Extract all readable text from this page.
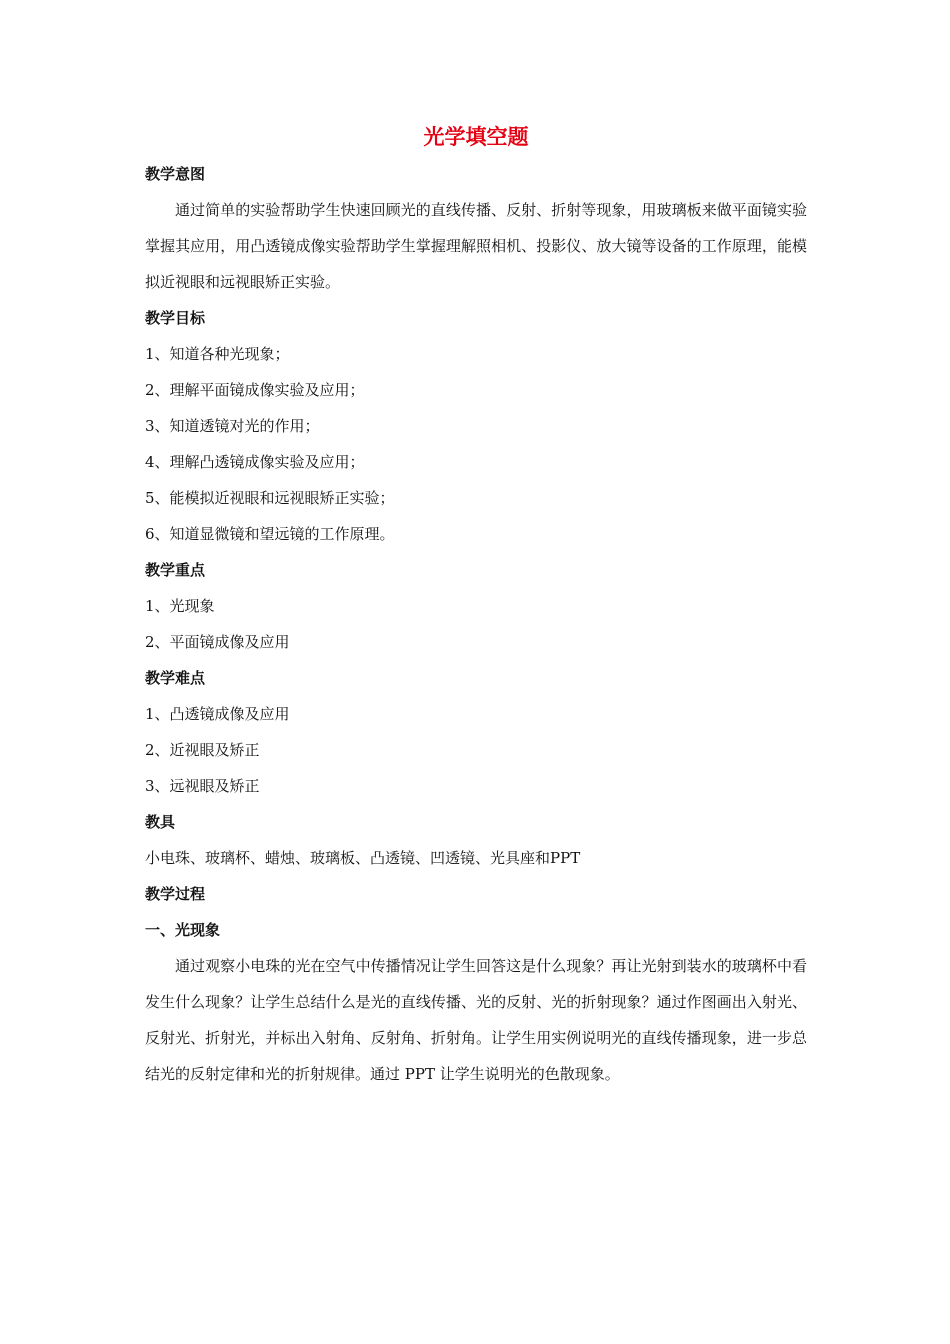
光学填空题
教学意图

通过简单的实验帮助学生快速回顾光的直线传播、反射、折射等现象，用玻璃板来做平面镜实验掌握其应用，用凸透镜成像实验帮助学生掌握理解照相机、投影仪、放大镜等设备的工作原理，能模拟近视眼和远视眼矫正实验。

教学目标
1、知道各种光现象；
2、理解平面镜成像实验及应用；
3、知道透镜对光的作用；
4、理解凸透镜成像实验及应用；
5、能模拟近视眼和远视眼矫正实验；
6、知道显微镜和望远镜的工作原理。
教学重点
1、光现象
2、平面镜成像及应用
教学难点
1、凸透镜成像及应用
2、近视眼及矫正
3、远视眼及矫正
教具
小电珠、玻璃杯、蜡烛、玻璃板、凸透镜、凹透镜、光具座和PPT
教学过程
一、光现象

通过观察小电珠的光在空气中传播情况让学生回答这是什么现象？再让光射到装水的玻璃杯中看发生什么现象？让学生总结什么是光的直线传播、光的反射、光的折射现象？通过作图画出入射光、反射光、折射光，并标出入射角、反射角、折射角。让学生用实例说明光的直线传播现象，进一步总结光的反射定律和光的折射规律。通过 PPT 让学生说明光的色散现象。
